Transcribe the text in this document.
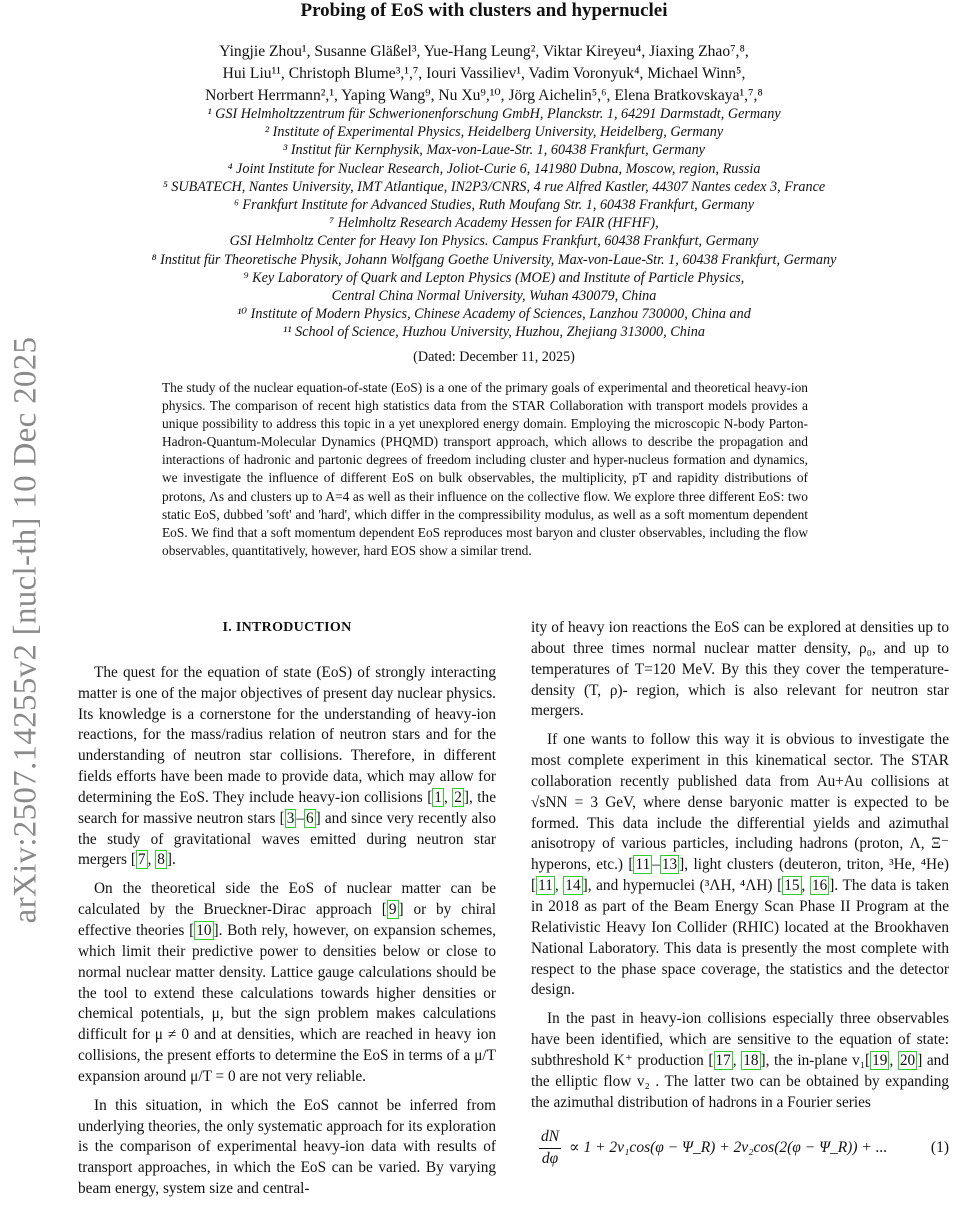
arXiv:2507.14255v2 [nucl-th] 10 Dec 2025
Probing of EoS with clusters and hypernuclei
Yingjie Zhou¹, Susanne Gläßel³, Yue-Hang Leung², Viktar Kireyeu⁴, Jiaxing Zhao⁷,⁸,
Hui Liu¹¹, Christoph Blume³,¹,⁷, Iouri Vassiliev¹, Vadim Voronyuk⁴, Michael Winn⁵,
Norbert Herrmann²,¹, Yaping Wang⁹, Nu Xu⁹,¹⁰, Jörg Aichelin⁵,⁶, Elena Bratkovskaya¹,⁷,⁸
¹ GSI Helmholtzzentrum für Schwerionenforschung GmbH, Planckstr. 1, 64291 Darmstadt, Germany
² Institute of Experimental Physics, Heidelberg University, Heidelberg, Germany
³ Institut für Kernphysik, Max-von-Laue-Str. 1, 60438 Frankfurt, Germany
⁴ Joint Institute for Nuclear Research, Joliot-Curie 6, 141980 Dubna, Moscow, region, Russia
⁵ SUBATECH, Nantes University, IMT Atlantique, IN2P3/CNRS, 4 rue Alfred Kastler, 44307 Nantes cedex 3, France
⁶ Frankfurt Institute for Advanced Studies, Ruth Moufang Str. 1, 60438 Frankfurt, Germany
⁷ Helmholtz Research Academy Hessen for FAIR (HFHF),
GSI Helmholtz Center for Heavy Ion Physics. Campus Frankfurt, 60438 Frankfurt, Germany
⁸ Institut für Theoretische Physik, Johann Wolfgang Goethe University, Max-von-Laue-Str. 1, 60438 Frankfurt, Germany
⁹ Key Laboratory of Quark and Lepton Physics (MOE) and Institute of Particle Physics,
Central China Normal University, Wuhan 430079, China
¹⁰ Institute of Modern Physics, Chinese Academy of Sciences, Lanzhou 730000, China and
¹¹ School of Science, Huzhou University, Huzhou, Zhejiang 313000, China
(Dated: December 11, 2025)
The study of the nuclear equation-of-state (EoS) is a one of the primary goals of experimental and theoretical heavy-ion physics. The comparison of recent high statistics data from the STAR Collaboration with transport models provides a unique possibility to address this topic in a yet unexplored energy domain. Employing the microscopic N-body Parton-Hadron-Quantum-Molecular Dynamics (PHQMD) transport approach, which allows to describe the propagation and interactions of hadronic and partonic degrees of freedom including cluster and hyper-nucleus formation and dynamics, we investigate the influence of different EoS on bulk observables, the multiplicity, pT and rapidity distributions of protons, Λs and clusters up to A=4 as well as their influence on the collective flow. We explore three different EoS: two static EoS, dubbed 'soft' and 'hard', which differ in the compressibility modulus, as well as a soft momentum dependent EoS. We find that a soft momentum dependent EoS reproduces most baryon and cluster observables, including the flow observables, quantitatively, however, hard EOS show a similar trend.
I. INTRODUCTION

The quest for the equation of state (EoS) of strongly interacting matter is one of the major objectives of present day nuclear physics. Its knowledge is a cornerstone for the understanding of heavy-ion reactions, for the mass/radius relation of neutron stars and for the understanding of neutron star collisions. Therefore, in different fields efforts have been made to provide data, which may allow for determining the EoS. They include heavy-ion collisions [ 1 , 2 ], the search for massive neutron stars [ 3 – 6 ] and since very recently also the study of gravitational waves emitted during neutron star mergers [ 7 , 8 ].

On the theoretical side the EoS of nuclear matter can be calculated by the Brueckner-Dirac approach [ 9 ] or by chiral effective theories [ 10 ]. Both rely, however, on expansion schemes, which limit their predictive power to densities below or close to normal nuclear matter density. Lattice gauge calculations should be the tool to extend these calculations towards higher densities or chemical potentials, μ, but the sign problem makes calculations difficult for μ ≠ 0 and at densities, which are reached in heavy ion collisions, the present efforts to determine the EoS in terms of a μ/T expansion around μ/T = 0 are not very reliable.

In this situation, in which the EoS cannot be inferred from underlying theories, the only systematic approach for its exploration is the comparison of experimental heavy-ion data with results of transport approaches, in which the EoS can be varied. By varying beam energy, system size and central-

ity of heavy ion reactions the EoS can be explored at densities up to about three times normal nuclear matter density, ρ₀, and up to temperatures of T=120 MeV. By this they cover the temperature-density (T, ρ)- region, which is also relevant for neutron star mergers.

If one wants to follow this way it is obvious to investigate the most complete experiment in this kinematical sector. The STAR collaboration recently published data from Au+Au collisions at √sNN = 3 GeV, where dense baryonic matter is expected to be formed. This data include the differential yields and azimuthal anisotropy of various particles, including hadrons (proton, Λ, Ξ⁻ hyperons, etc.) [ 11 – 13 ], light clusters (deuteron, triton, ³He, ⁴He) [ 11 , 14 ], and hypernuclei (³ΛH, ⁴ΛH) [ 15 , 16 ]. The data is taken in 2018 as part of the Beam Energy Scan Phase II Program at the Relativistic Heavy Ion Collider (RHIC) located at the Brookhaven National Laboratory. This data is presently the most complete with respect to the phase space coverage, the statistics and the detector design.

In the past in heavy-ion collisions especially three observables have been identified, which are sensitive to the equation of state: subthreshold K⁺ production [ 17 , 18 ], the in-plane v₁[ 19 , 20 ] and the elliptic flow v₂ . The latter two can be obtained by expanding the azimuthal distribution of hadrons in a Fourier series

$\frac{dN}{d\varphi} \propto 1 + 2v_1\cos(\varphi$ − Ψ_R) + 2v₂cos(2(φ − Ψ_R)) + ...	(1)
